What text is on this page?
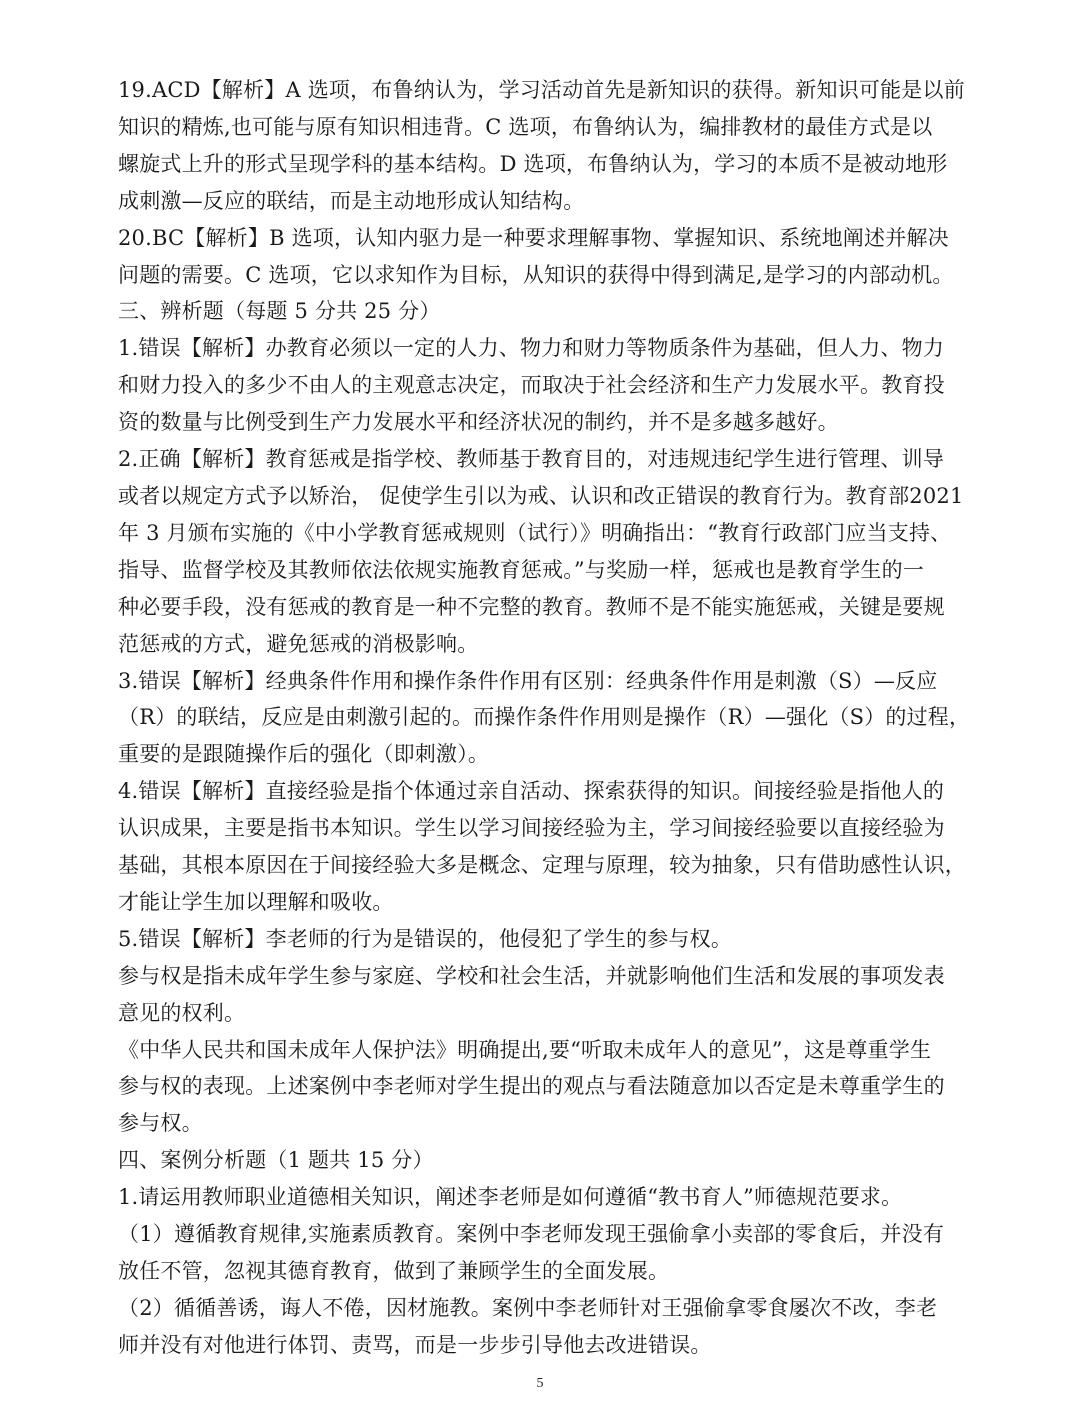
19.ACD【解析】A 选项，布鲁纳认为，学习活动首先是新知识的获得。新知识可能是以前
知识的精炼,也可能与原有知识相违背。C 选项，布鲁纳认为，编排教材的最佳方式是以
螺旋式上升的形式呈现学科的基本结构。D 选项，布鲁纳认为，学习的本质不是被动地形
成刺激—反应的联结，而是主动地形成认知结构。
20.BC【解析】B 选项，认知内驱力是一种要求理解事物、掌握知识、系统地阐述并解决
问题的需要。C 选项，它以求知作为目标，从知识的获得中得到满足,是学习的内部动机。
三、辨析题（每题 5 分共 25 分）
1.错误【解析】办教育必须以一定的人力、物力和财力等物质条件为基础，但人力、物力
和财力投入的多少不由人的主观意志决定，而取决于社会经济和生产力发展水平。教育投
资的数量与比例受到生产力发展水平和经济状况的制约，并不是多越多越好。
2.正确【解析】教育惩戒是指学校、教师基于教育目的，对违规违纪学生进行管理、训导
或者以规定方式予以矫治， 促使学生引以为戒、认识和改正错误的教育行为。教育部2021
年 3 月颁布实施的《中小学教育惩戒规则（试行）》明确指出：“教育行政部门应当支持、
指导、监督学校及其教师依法依规实施教育惩戒。”与奖励一样，惩戒也是教育学生的一
种必要手段，没有惩戒的教育是一种不完整的教育。教师不是不能实施惩戒，关键是要规
范惩戒的方式，避免惩戒的消极影响。
3.错误【解析】经典条件作用和操作条件作用有区别：经典条件作用是刺激（S）—反应
（R）的联结，反应是由刺激引起的。而操作条件作用则是操作（R）—强化（S）的过程，
重要的是跟随操作后的强化（即刺激）。
4.错误【解析】直接经验是指个体通过亲自活动、探索获得的知识。间接经验是指他人的
认识成果，主要是指书本知识。学生以学习间接经验为主，学习间接经验要以直接经验为
基础，其根本原因在于间接经验大多是概念、定理与原理，较为抽象，只有借助感性认识，
才能让学生加以理解和吸收。
5.错误【解析】李老师的行为是错误的，他侵犯了学生的参与权。
参与权是指未成年学生参与家庭、学校和社会生活，并就影响他们生活和发展的事项发表
意见的权利。
《中华人民共和国未成年人保护法》明确提出,要“听取未成年人的意见”，这是尊重学生
参与权的表现。上述案例中李老师对学生提出的观点与看法随意加以否定是未尊重学生的
参与权。
四、案例分析题（1 题共 15 分）
1.请运用教师职业道德相关知识，阐述李老师是如何遵循“教书育人”师德规范要求。
（1）遵循教育规律,实施素质教育。案例中李老师发现王强偷拿小卖部的零食后，并没有
放任不管，忽视其德育教育，做到了兼顾学生的全面发展。
（2）循循善诱，诲人不倦，因材施教。案例中李老师针对王强偷拿零食屡次不改，李老
师并没有对他进行体罚、责骂，而是一步步引导他去改进错误。
5
